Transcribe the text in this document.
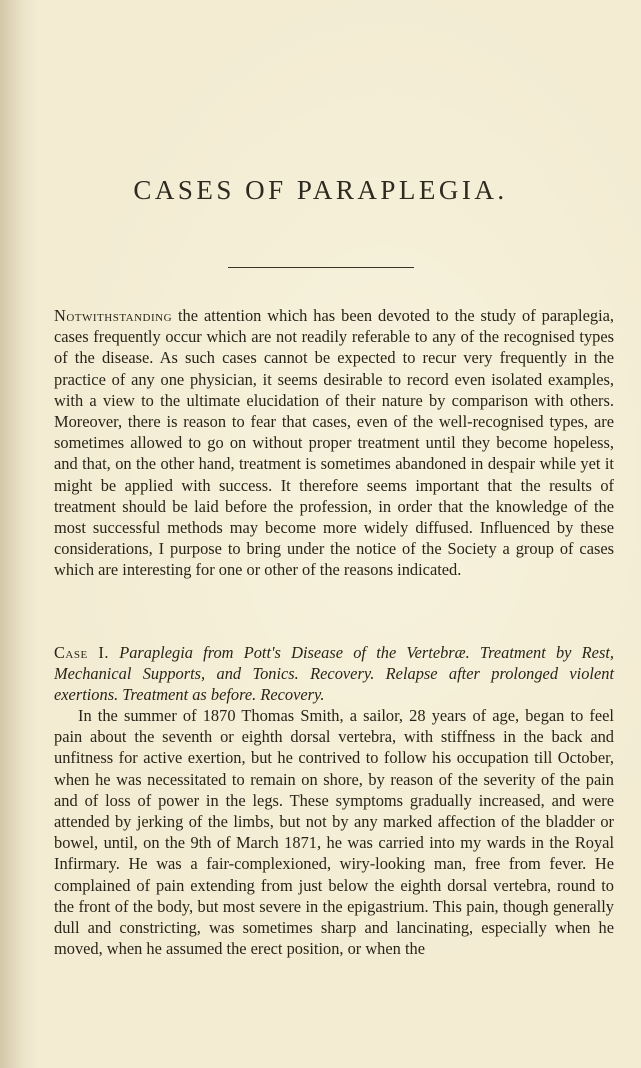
CASES OF PARAPLEGIA.
Notwithstanding the attention which has been devoted to the study of paraplegia, cases frequently occur which are not readily referable to any of the recognised types of the disease. As such cases cannot be expected to recur very frequently in the practice of any one physician, it seems desirable to record even isolated examples, with a view to the ultimate elucidation of their nature by comparison with others. Moreover, there is reason to fear that cases, even of the well-recognised types, are sometimes allowed to go on without proper treatment until they become hopeless, and that, on the other hand, treatment is sometimes abandoned in despair while yet it might be applied with success. It therefore seems important that the results of treatment should be laid before the profession, in order that the knowledge of the most successful methods may become more widely diffused. Influenced by these considerations, I purpose to bring under the notice of the Society a group of cases which are interesting for one or other of the reasons indicated.
Case I. Paraplegia from Pott's Disease of the Vertebræ. Treatment by Rest, Mechanical Supports, and Tonics. Recovery. Relapse after prolonged violent exertions. Treatment as before. Recovery.
In the summer of 1870 Thomas Smith, a sailor, 28 years of age, began to feel pain about the seventh or eighth dorsal vertebra, with stiffness in the back and unfitness for active exertion, but he contrived to follow his occupation till October, when he was necessitated to remain on shore, by reason of the severity of the pain and of loss of power in the legs. These symptoms gradually increased, and were attended by jerking of the limbs, but not by any marked affection of the bladder or bowel, until, on the 9th of March 1871, he was carried into my wards in the Royal Infirmary. He was a fair-complexioned, wiry-looking man, free from fever. He complained of pain extending from just below the eighth dorsal vertebra, round to the front of the body, but most severe in the epigastrium. This pain, though generally dull and constricting, was sometimes sharp and lancinating, especially when he moved, when he assumed the erect position, or when the
